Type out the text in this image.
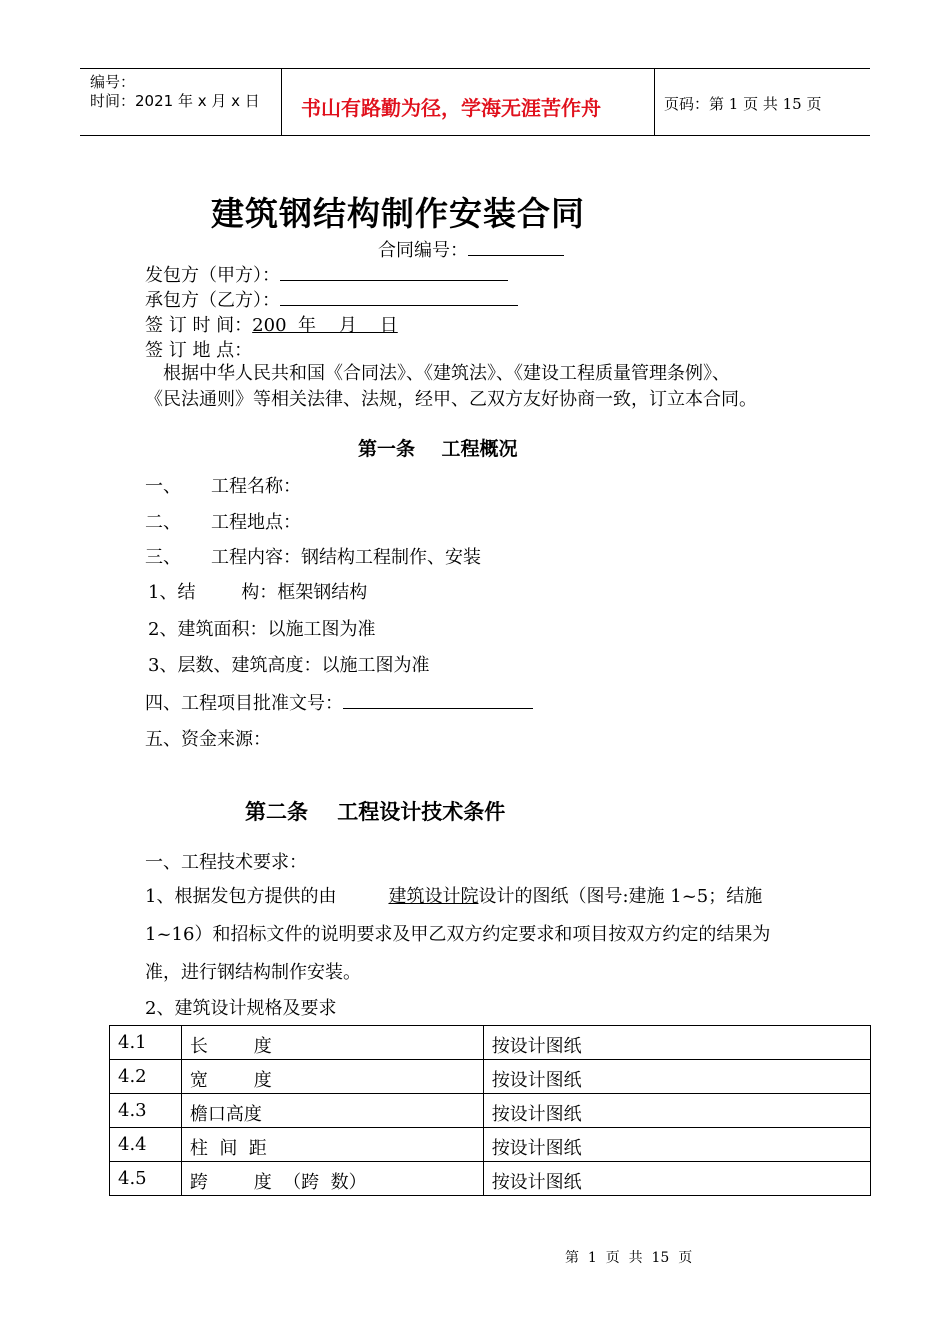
编号：
时间：2021 年 x 月 x 日 书山有路勤为径，学海无涯苦作舟	页码：第 1 页 共 15 页
建筑钢结构制作安装合同
合同编号：
发包方（甲方）：
承包方（乙方）：
签 订 时 间：200  年    月    日
签 订 地 点：
根据中华人民共和国《合同法》、《建筑法》、《建设工程质量管理条例》、
《民法通则》等相关法律、法规，经甲、乙双方友好协商一致，订立本合同。
第一条    工程概况
一、 工程名称：
二、 工程地点：
三、 工程内容：钢结构工程制作、安装
1、结        构：框架钢结构
2、建筑面积：以施工图为准
3、层数、建筑高度：以施工图为准
四、工程项目批准文号：
五、资金来源：
第二条    工程设计技术条件
一、工程技术要求：
1、根据发包方提供的由	建筑设计院设计的图纸（图号:建施 1~5；结施
1~16）和招标文件的说明要求及甲乙双方约定要求和项目按双方约定的结果为
准，进行钢结构制作安装。
2、建筑设计规格及要求
4.1	长        度	按设计图纸
4.2	宽        度	按设计图纸
4.3	檐口高度	按设计图纸
4.4	柱  间  距	按设计图纸
4.5	跨        度  （跨  数）	按设计图纸
第  1  页  共  15  页
